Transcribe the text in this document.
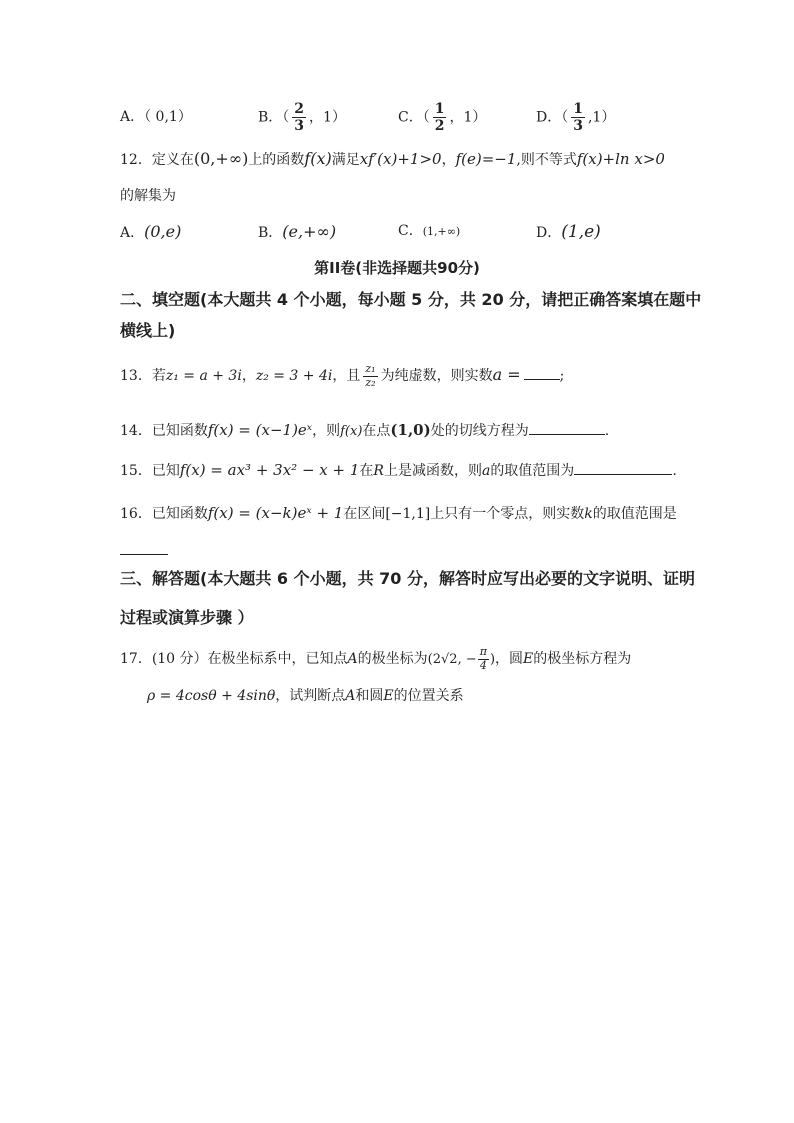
A．（ 0,1）	B．（ $\frac{2}{3}$ ，1）	C．（ $\frac{1}{2}$ ，1）	D．（ $\frac{1}{3} ,1$）
12．定义在(0,+∞)上的函数f(x)满足xf′(x)+1>0，f(e)=−1,则不等式f(x)+ln x>0
的解集为
A．(0,e)	B．(e,+∞)	C．(1,+∞)	D．(1,e)
第II卷(非选择题共90分)
二、填空题(本大题共 4 个小题，每小题 5 分，共 20 分，请把正确答案填在题中
横线上)
13．若z₁ = a + 3i，z₂ = 3 + 4i，且 $\frac{\text{z₁}}{\text{z₂}}$ 为纯虚数，则实数a =	;
14．已知函数f(x) = (x−1)eˣ，则f(x)在点(1,0)处的切线方程为	.
15．已知f(x) = ax³ + 3x² − x + 1在R上是减函数，则a的取值范围为	.
16．已知函数f(x) = (x−k)eˣ + 1在区间[−1,1]上只有一个零点，则实数k的取值范围是
三、解答题(本大题共 6 个小题，共 70 分，解答时应写出必要的文字说明、证明
过程或演算步骤 ）
17．(10 分）在极坐标系中，已知点A的极坐标为(2√2, − $\frac{\pi}{4}$ )，圆E的极坐标方程为
ρ = 4cosθ + 4sinθ，试判断点A和圆E的位置关系
